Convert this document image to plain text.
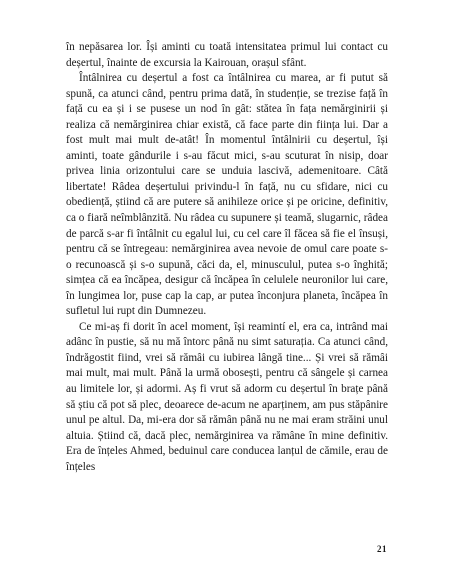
în nepăsarea lor. Își aminti cu toată intensitatea primul lui contact cu deșertul, înainte de excursia la Kairouan, orașul sfânt.

Întâlnirea cu deșertul a fost ca întâlnirea cu marea, ar fi putut să spună, ca atunci când, pentru prima dată, în studenție, se trezise față în față cu ea și i se pusese un nod în gât: stătea în fața nemărginirii și realiza că nemărginirea chiar există, că face parte din ființa lui. Dar a fost mult mai mult de-atât! În momentul întâlnirii cu deșertul, își aminti, toate gândurile i s-au făcut mici, s-au scuturat în nisip, doar privea linia orizontului care se unduia lascivă, ademenitoare. Câtă libertate! Râdea deșertului privindu-l în față, nu cu sfidare, nici cu obediență, știind că are putere să anihileze orice și pe oricine, definitiv, ca o fiară neîmblânzită. Nu râdea cu supunere și teamă, slugarnic, râdea de parcă s-ar fi întâlnit cu egalul lui, cu cel care îl făcea să fie el însuși, pentru că se întregeau: nemărginirea avea nevoie de omul care poate s-o recunoască și s-o supună, căci da, el, minusculul, putea s-o înghită; simțea că ea încăpea, desigur că încăpea în celulele neuronilor lui care, în lungimea lor, puse cap la cap, ar putea înconjura planeta, încăpea în sufletul lui rupt din Dumnezeu.

Ce mi-aș fi dorit în acel moment, își reamintí el, era ca, intrând mai adânc în pustie, să nu mă întorc până nu simt saturația. Ca atunci când, îndrăgostit fiind, vrei să rămâi cu iubirea lângă tine... Și vrei să rămâi mai mult, mai mult. Până la urmă obosești, pentru că sângele și carnea au limitele lor, și adormi. Aș fi vrut să adorm cu deșertul în brațe până să știu că pot să plec, deoarece de-acum ne aparținem, am pus stăpânire unul pe altul. Da, mi-era dor să rămân până nu ne mai eram străini unul altuia. Știind că, dacă plec, nemărginirea va rămâne în mine definitiv. Era de înțeles Ahmed, beduinul care conducea lanțul de cămile, erau de înțeles

21
